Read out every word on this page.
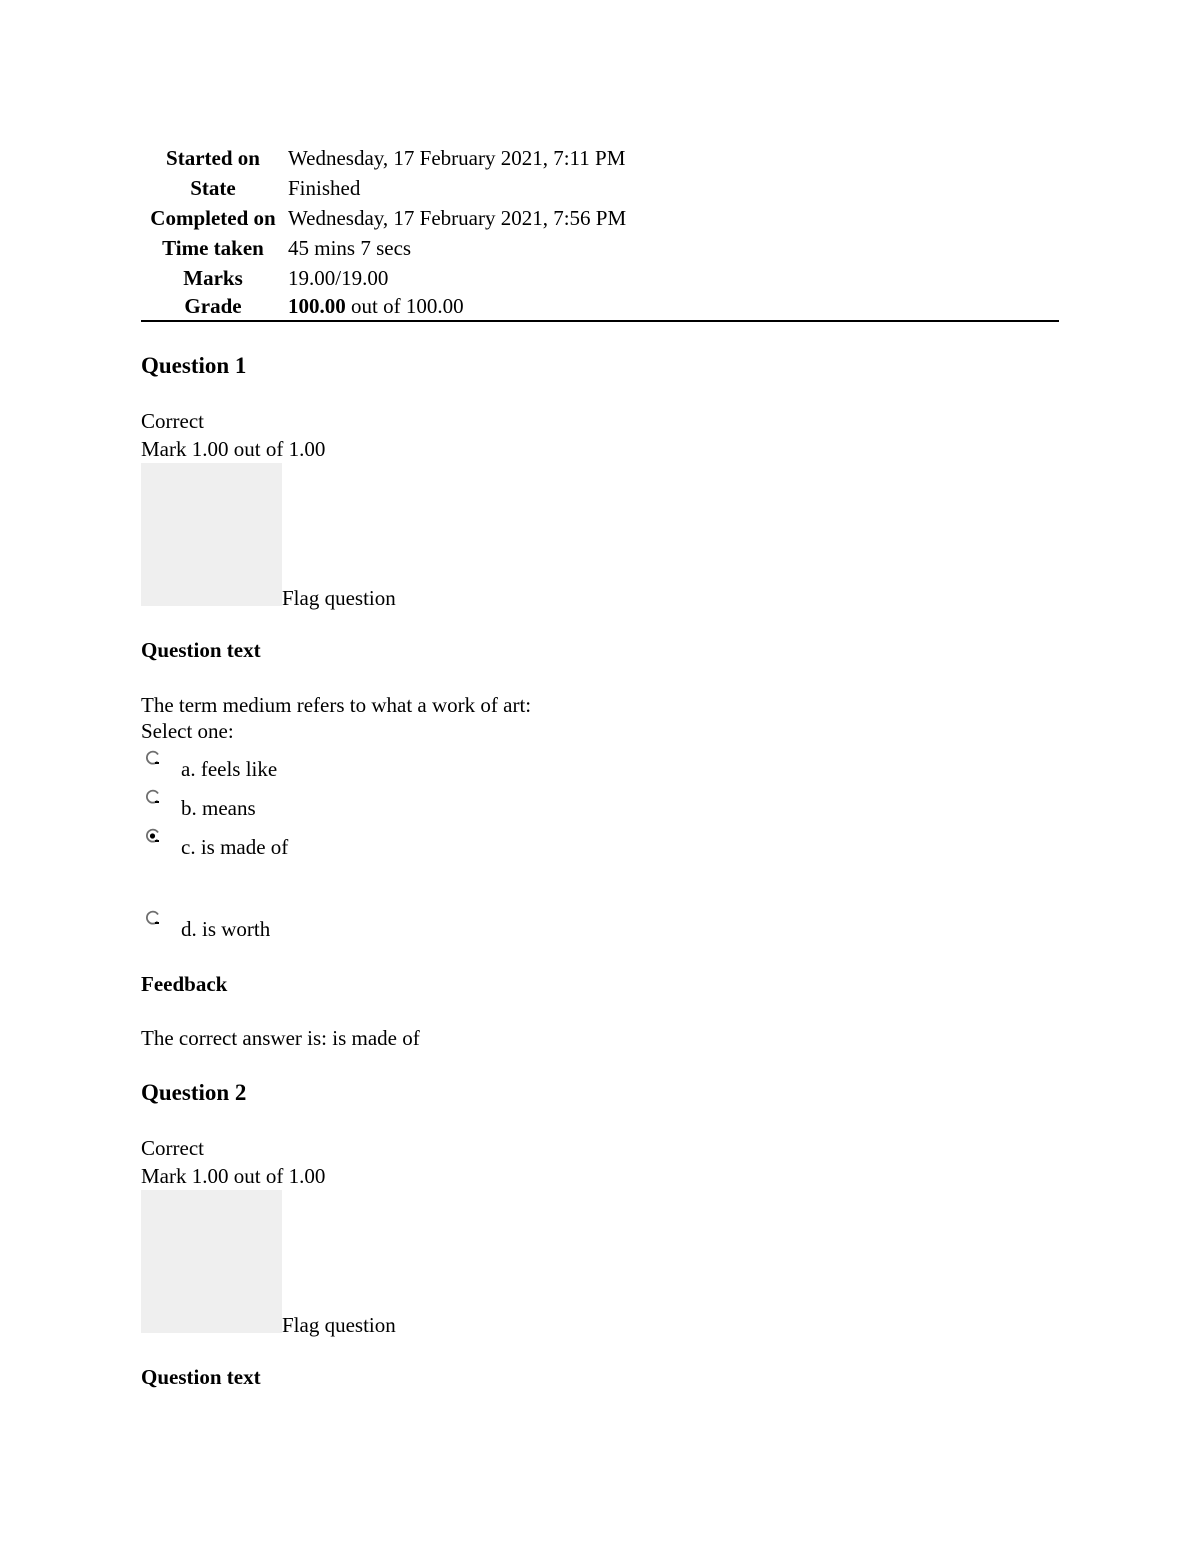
Started on	Wednesday, 17 February 2021, 7:11 PM
State	Finished
Completed on	Wednesday, 17 February 2021, 7:56 PM
Time taken	45 mins 7 secs
Marks	19.00/19.00
Grade	100.00 out of 100.00
Question 1
Correct
Mark 1.00 out of 1.00
Flag question
Question text
The term medium refers to what a work of art:
Select one:
a. feels like
b. means
c. is made of
d. is worth
Feedback
The correct answer is: is made of
Question 2
Correct
Mark 1.00 out of 1.00
Flag question
Question text
